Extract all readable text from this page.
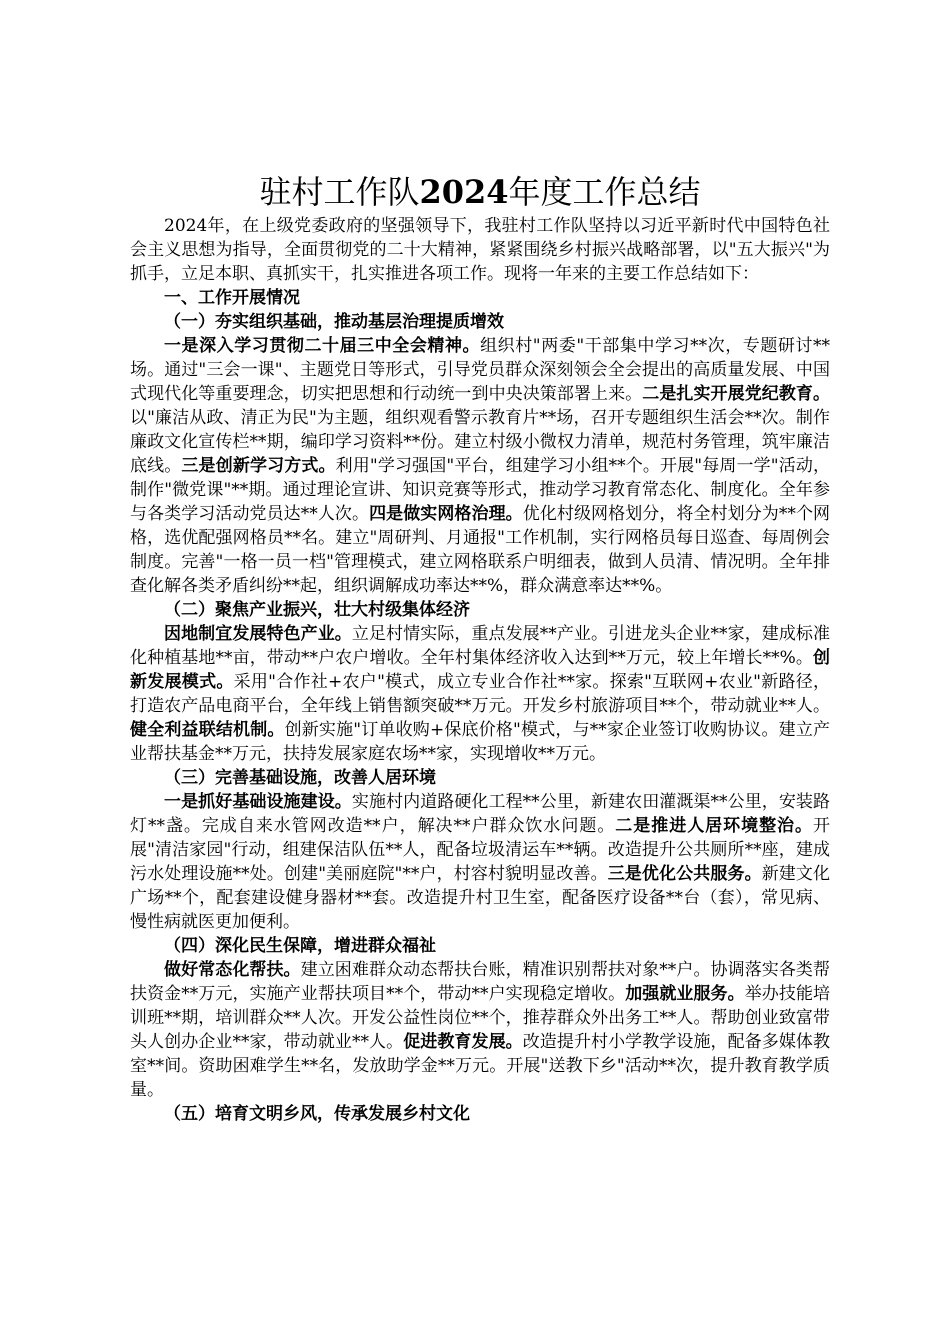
驻村工作队2024年度工作总结

2024年，在上级党委政府的坚强领导下，我驻村工作队坚持以习近平新时代中国特色社会主义思想为指导，全面贯彻党的二十大精神，紧紧围绕乡村振兴战略部署，以"五大振兴"为抓手，立足本职、真抓实干，扎实推进各项工作。现将一年来的主要工作总结如下：

一、工作开展情况

（一）夯实组织基础，推动基层治理提质增效

一是深入学习贯彻二十届三中全会精神。组织村"两委"干部集中学习**次，专题研讨**场。通过"三会一课"、主题党日等形式，引导党员群众深刻领会全会提出的高质量发展、中国式现代化等重要理念，切实把思想和行动统一到中央决策部署上来。二是扎实开展党纪教育。以"廉洁从政、清正为民"为主题，组织观看警示教育片**场，召开专题组织生活会**次。制作廉政文化宣传栏**期，编印学习资料**份。建立村级小微权力清单，规范村务管理，筑牢廉洁底线。三是创新学习方式。利用"学习强国"平台，组建学习小组**个。开展"每周一学"活动，制作"微党课"**期。通过理论宣讲、知识竞赛等形式，推动学习教育常态化、制度化。全年参与各类学习活动党员达**人次。四是做实网格治理。优化村级网格划分，将全村划分为**个网格，选优配强网格员**名。建立"周研判、月通报"工作机制，实行网格员每日巡查、每周例会制度。完善"一格一员一档"管理模式，建立网格联系户明细表，做到人员清、情况明。全年排查化解各类矛盾纠纷**起，组织调解成功率达**%，群众满意率达**%。

（二）聚焦产业振兴，壮大村级集体经济

因地制宜发展特色产业。立足村情实际，重点发展**产业。引进龙头企业**家，建成标准化种植基地**亩，带动**户农户增收。全年村集体经济收入达到**万元，较上年增长**%。创新发展模式。采用"合作社+农户"模式，成立专业合作社**家。探索"互联网+农业"新路径，打造农产品电商平台，全年线上销售额突破**万元。开发乡村旅游项目**个，带动就业**人。健全利益联结机制。创新实施"订单收购+保底价格"模式，与**家企业签订收购协议。建立产业帮扶基金**万元，扶持发展家庭农场**家，实现增收**万元。

（三）完善基础设施，改善人居环境

一是抓好基础设施建设。实施村内道路硬化工程**公里，新建农田灌溉渠**公里，安装路灯**盏。完成自来水管网改造**户，解决**户群众饮水问题。二是推进人居环境整治。开展"清洁家园"行动，组建保洁队伍**人，配备垃圾清运车**辆。改造提升公共厕所**座，建成污水处理设施**处。创建"美丽庭院"**户，村容村貌明显改善。三是优化公共服务。新建文化广场**个，配套建设健身器材**套。改造提升村卫生室，配备医疗设备**台（套），常见病、慢性病就医更加便利。

（四）深化民生保障，增进群众福祉

做好常态化帮扶。建立困难群众动态帮扶台账，精准识别帮扶对象**户。协调落实各类帮扶资金**万元，实施产业帮扶项目**个，带动**户实现稳定增收。加强就业服务。举办技能培训班**期，培训群众**人次。开发公益性岗位**个，推荐群众外出务工**人。帮助创业致富带头人创办企业**家，带动就业**人。促进教育发展。改造提升村小学教学设施，配备多媒体教室**间。资助困难学生**名，发放助学金**万元。开展"送教下乡"活动**次，提升教育教学质量。

（五）培育文明乡风，传承发展乡村文化
